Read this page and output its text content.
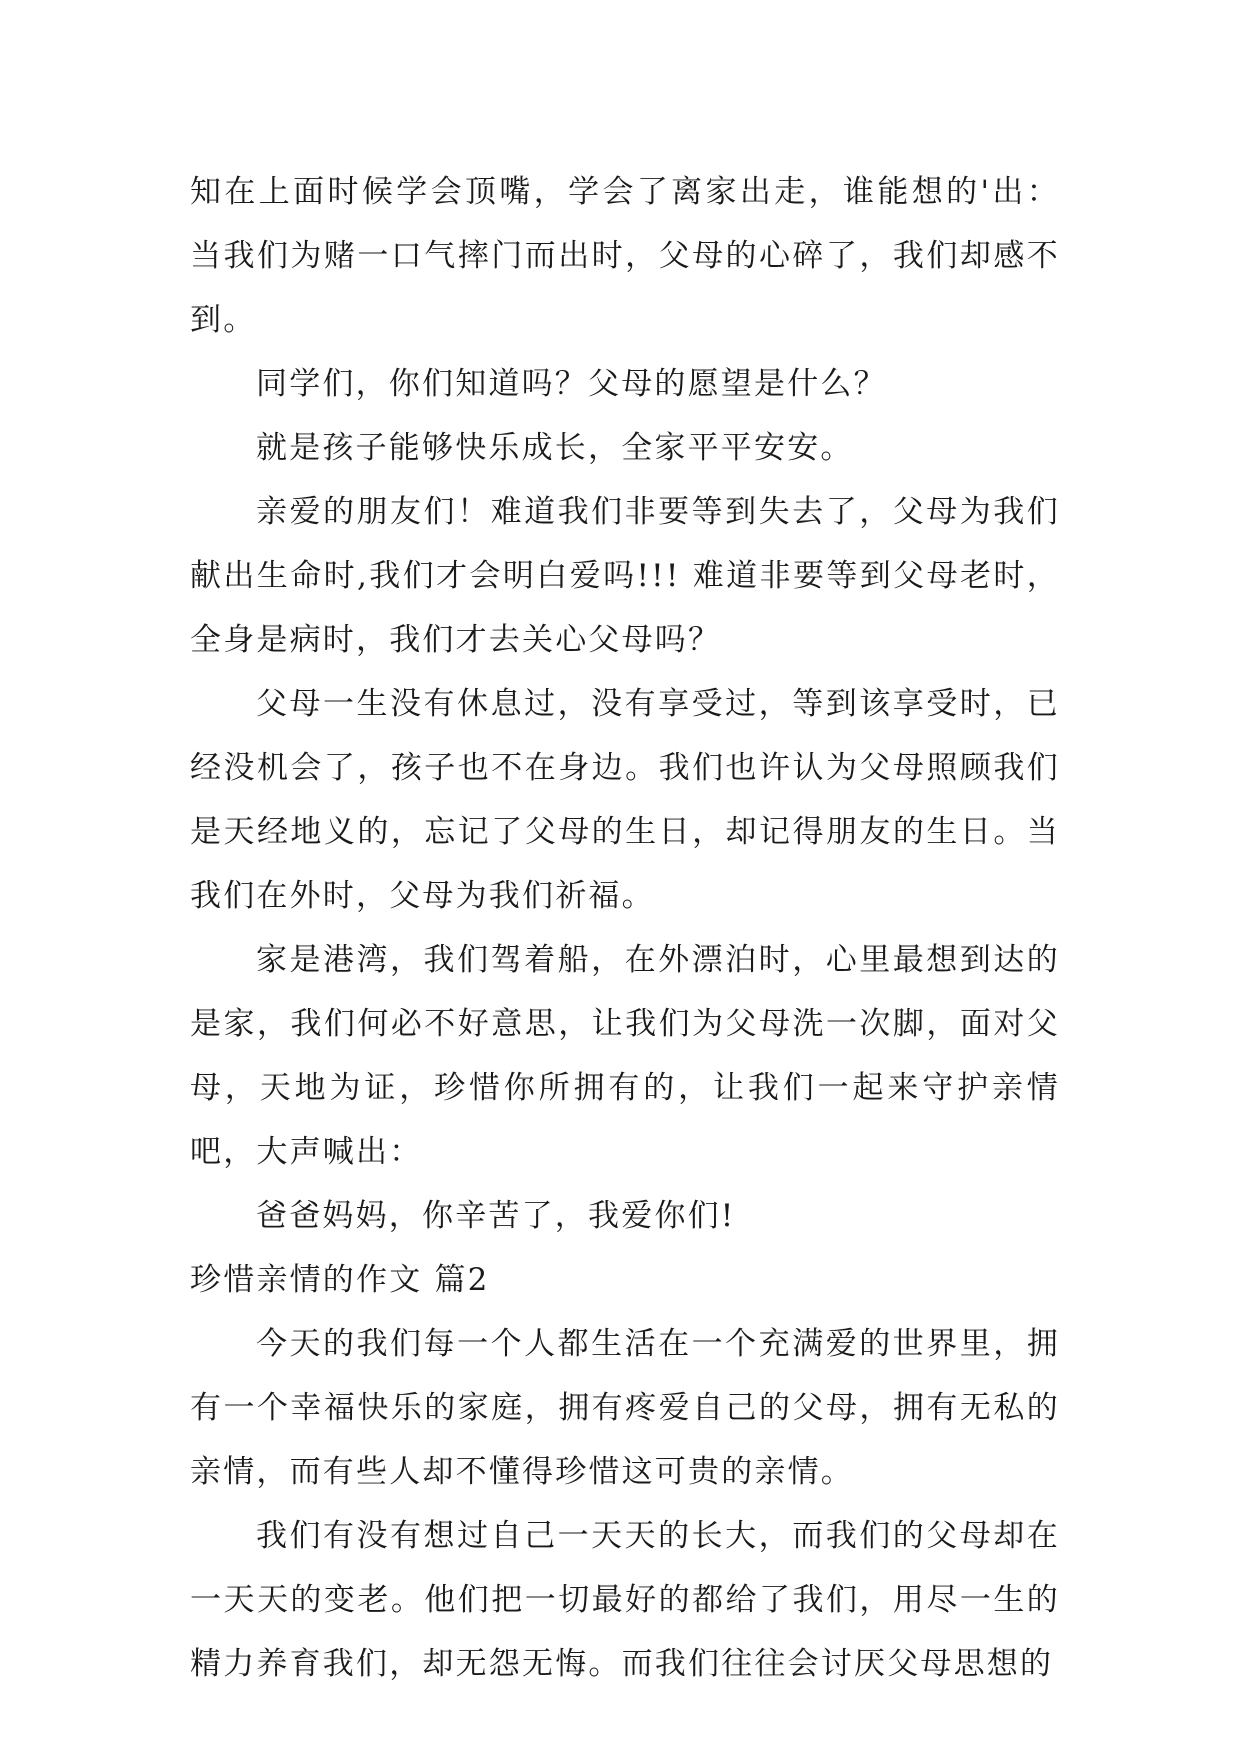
知在上面时候学会顶嘴，学会了离家出走，谁能想的'出：当我们为赌一口气摔门而出时，父母的心碎了，我们却感不到。

同学们，你们知道吗？父母的愿望是什么？

就是孩子能够快乐成长，全家平平安安。

亲爱的朋友们！难道我们非要等到失去了，父母为我们献出生命时,我们才会明白爱吗!!! 难道非要等到父母老时，全身是病时，我们才去关心父母吗？

父母一生没有休息过，没有享受过，等到该享受时，已经没机会了，孩子也不在身边。我们也许认为父母照顾我们是天经地义的，忘记了父母的生日，却记得朋友的生日。当我们在外时，父母为我们祈福。

家是港湾，我们驾着船，在外漂泊时，心里最想到达的是家，我们何必不好意思，让我们为父母洗一次脚，面对父母，天地为证，珍惜你所拥有的，让我们一起来守护亲情吧，大声喊出：

爸爸妈妈，你辛苦了，我爱你们!

珍惜亲情的作文 篇2

今天的我们每一个人都生活在一个充满爱的世界里，拥有一个幸福快乐的家庭，拥有疼爱自己的父母，拥有无私的亲情，而有些人却不懂得珍惜这可贵的亲情。

我们有没有想过自己一天天的长大，而我们的父母却在一天天的变老。他们把一切最好的都给了我们，用尽一生的精力养育我们，却无怨无悔。而我们往往会讨厌父母思想的
